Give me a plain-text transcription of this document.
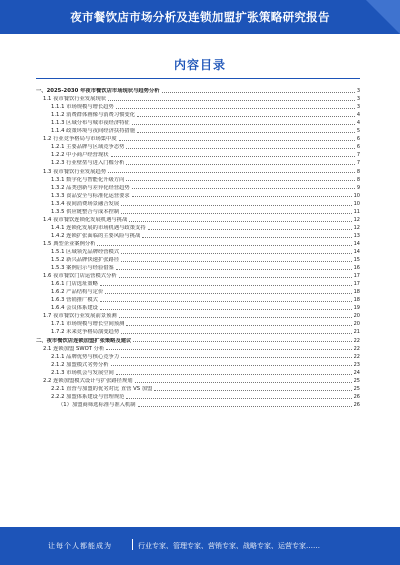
夜市餐饮店市场分析及连锁加盟扩张策略研究报告
内容目录
一、2025-2030 年夜市餐饮店市场现状与趋势分析	3
1.1 夜市餐饮行业发展现状	3
1.1.1 市场规模与增长趋势	3
1.1.2 消费群体画像与消费习惯变化	4
1.1.3 区域分布与城市夜经济特征	4
1.1.4 政策环境与夜间经济扶持措施	5
1.2 行业竞争格局与市场集中度	6
1.2.1 主要品牌与区域竞争态势	6
1.2.2 中小商户经营现状	7
1.2.3 行业壁垒与进入门槛分析	7
1.3 夜市餐饮行业发展趋势	8
1.3.1 数字化与智能化升级方向	8
1.3.2 品类创新与差异化经营趋势	9
1.3.3 食品安全与标准化运营要求	10
1.3.4 夜间消费场景融合发展	10
1.3.5 供应链整合与成本控制	11
1.4 夜市餐饮连锁化发展机遇与挑战	12
1.4.1 连锁化发展的市场机遇与政策支持	12
1.4.2 连锁扩张面临的主要风险与挑战	13
1.5 典型企业案例分析	14
1.5.1 区域领先品牌经营模式	14
1.5.2 新兴品牌快速扩张路径	15
1.5.3 案例启示与经验借鉴	16
1.6 夜市餐饮门店运营模式分析	17
1.6.1 门店选址策略	17
1.6.2 产品结构与定价	18
1.6.3 营销推广模式	18
1.6.4 会员体系建设	19
1.7 夜市餐饮行业发展前景预测	20
1.7.1 市场规模与增长空间预测	20
1.7.2 未来竞争格局演变趋势	21
二、夜市餐饮店连锁加盟扩张策略及建议	22
2.1 连锁加盟 SWOT 分析	22
2.1.1 品牌优势与核心竞争力	22
2.1.2 加盟模式劣势分析	23
2.1.3 市场机会与发展空间	24
2.2 连锁加盟模式设计与扩张路径规划	25
2.2.1 直营与加盟的优劣对比 直营 VS 加盟	25
2.2.2 加盟体系建设与管理规范	26
（1）加盟商筛选标准与准入机制	26
让每个人都能成为	行业专家、管理专家、营销专家、战略专家、运营专家……
